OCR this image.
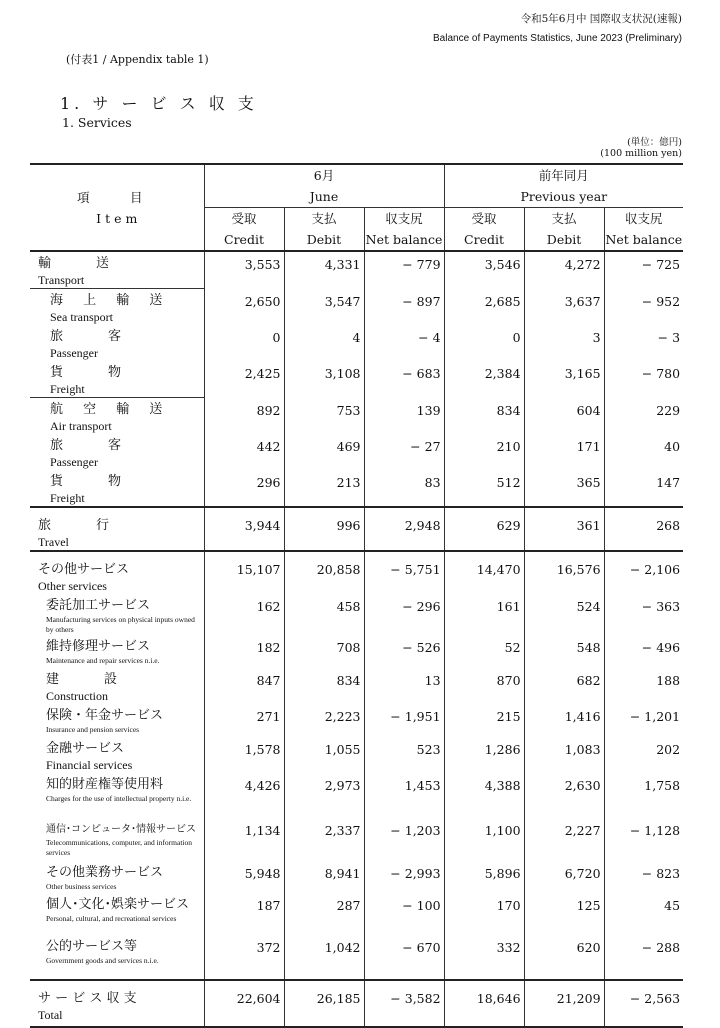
令和5年6月中 国際収支状況(速報)
Balance of Payments Statistics, June 2023 (Preliminary)
(付表1 / Appendix table 1)
1. サ ー ビ ス 収 支
1. Services
(単位：億円)
(100 million yen)
項　目	6月			前年同月		
	June			Previous year		
I t e m	受取	支払	収支尻	受取	支払	収支尻
	Credit	Debit	Net balance	Credit	Debit	Net balance

輸　送
Transport	3,553	4,331	− 779	3,546	4,272	− 725

海 上 輸 送
Sea transport	2,650	3,547	− 897	2,685	3,637	− 952

旅　客
Passenger	0	4	− 4	0	3	− 3

貨　物
Freight	2,425	3,108	− 683	2,384	3,165	− 780

航 空 輸 送
Air transport	892	753	139	834	604	229

旅　客
Passenger	442	469	− 27	210	171	40

貨　物
Freight	296	213	83	512	365	147

旅　行
Travel	3,944	996	2,948	629	361	268

その他サービス
Other services	15,107	20,858	− 5,751	14,470	16,576	− 2,106

委託加工サービス
Manufacturing services on physical inputs owned by others	162	458	− 296	161	524	− 363

維持修理サービス
Maintenance and repair services n.i.e.	182	708	− 526	52	548	− 496

建　設
Construction	847	834	13	870	682	188

保険・年金サービス
Insurance and pension services	271	2,223	− 1,951	215	1,416	− 1,201

金融サービス
Financial services	1,578	1,055	523	1,286	1,083	202

知的財産権等使用料
Charges for the use of intellectual property n.i.e.	4,426	2,973	1,453	4,388	2,630	1,758

通信･コンピュータ･情報サービス
Telecommunications, computer, and information services	1,134	2,337	− 1,203	1,100	2,227	− 1,128

その他業務サービス
Other business services	5,948	8,941	− 2,993	5,896	6,720	− 823

個人･文化･娯楽サービス
Personal, cultural, and recreational services	187	287	− 100	170	125	45

公的サービス等
Government goods and services n.i.e.	372	1,042	− 670	332	620	− 288

サ ー ビ ス 収 支
Total	22,604	26,185	− 3,582	18,646	21,209	− 2,563
